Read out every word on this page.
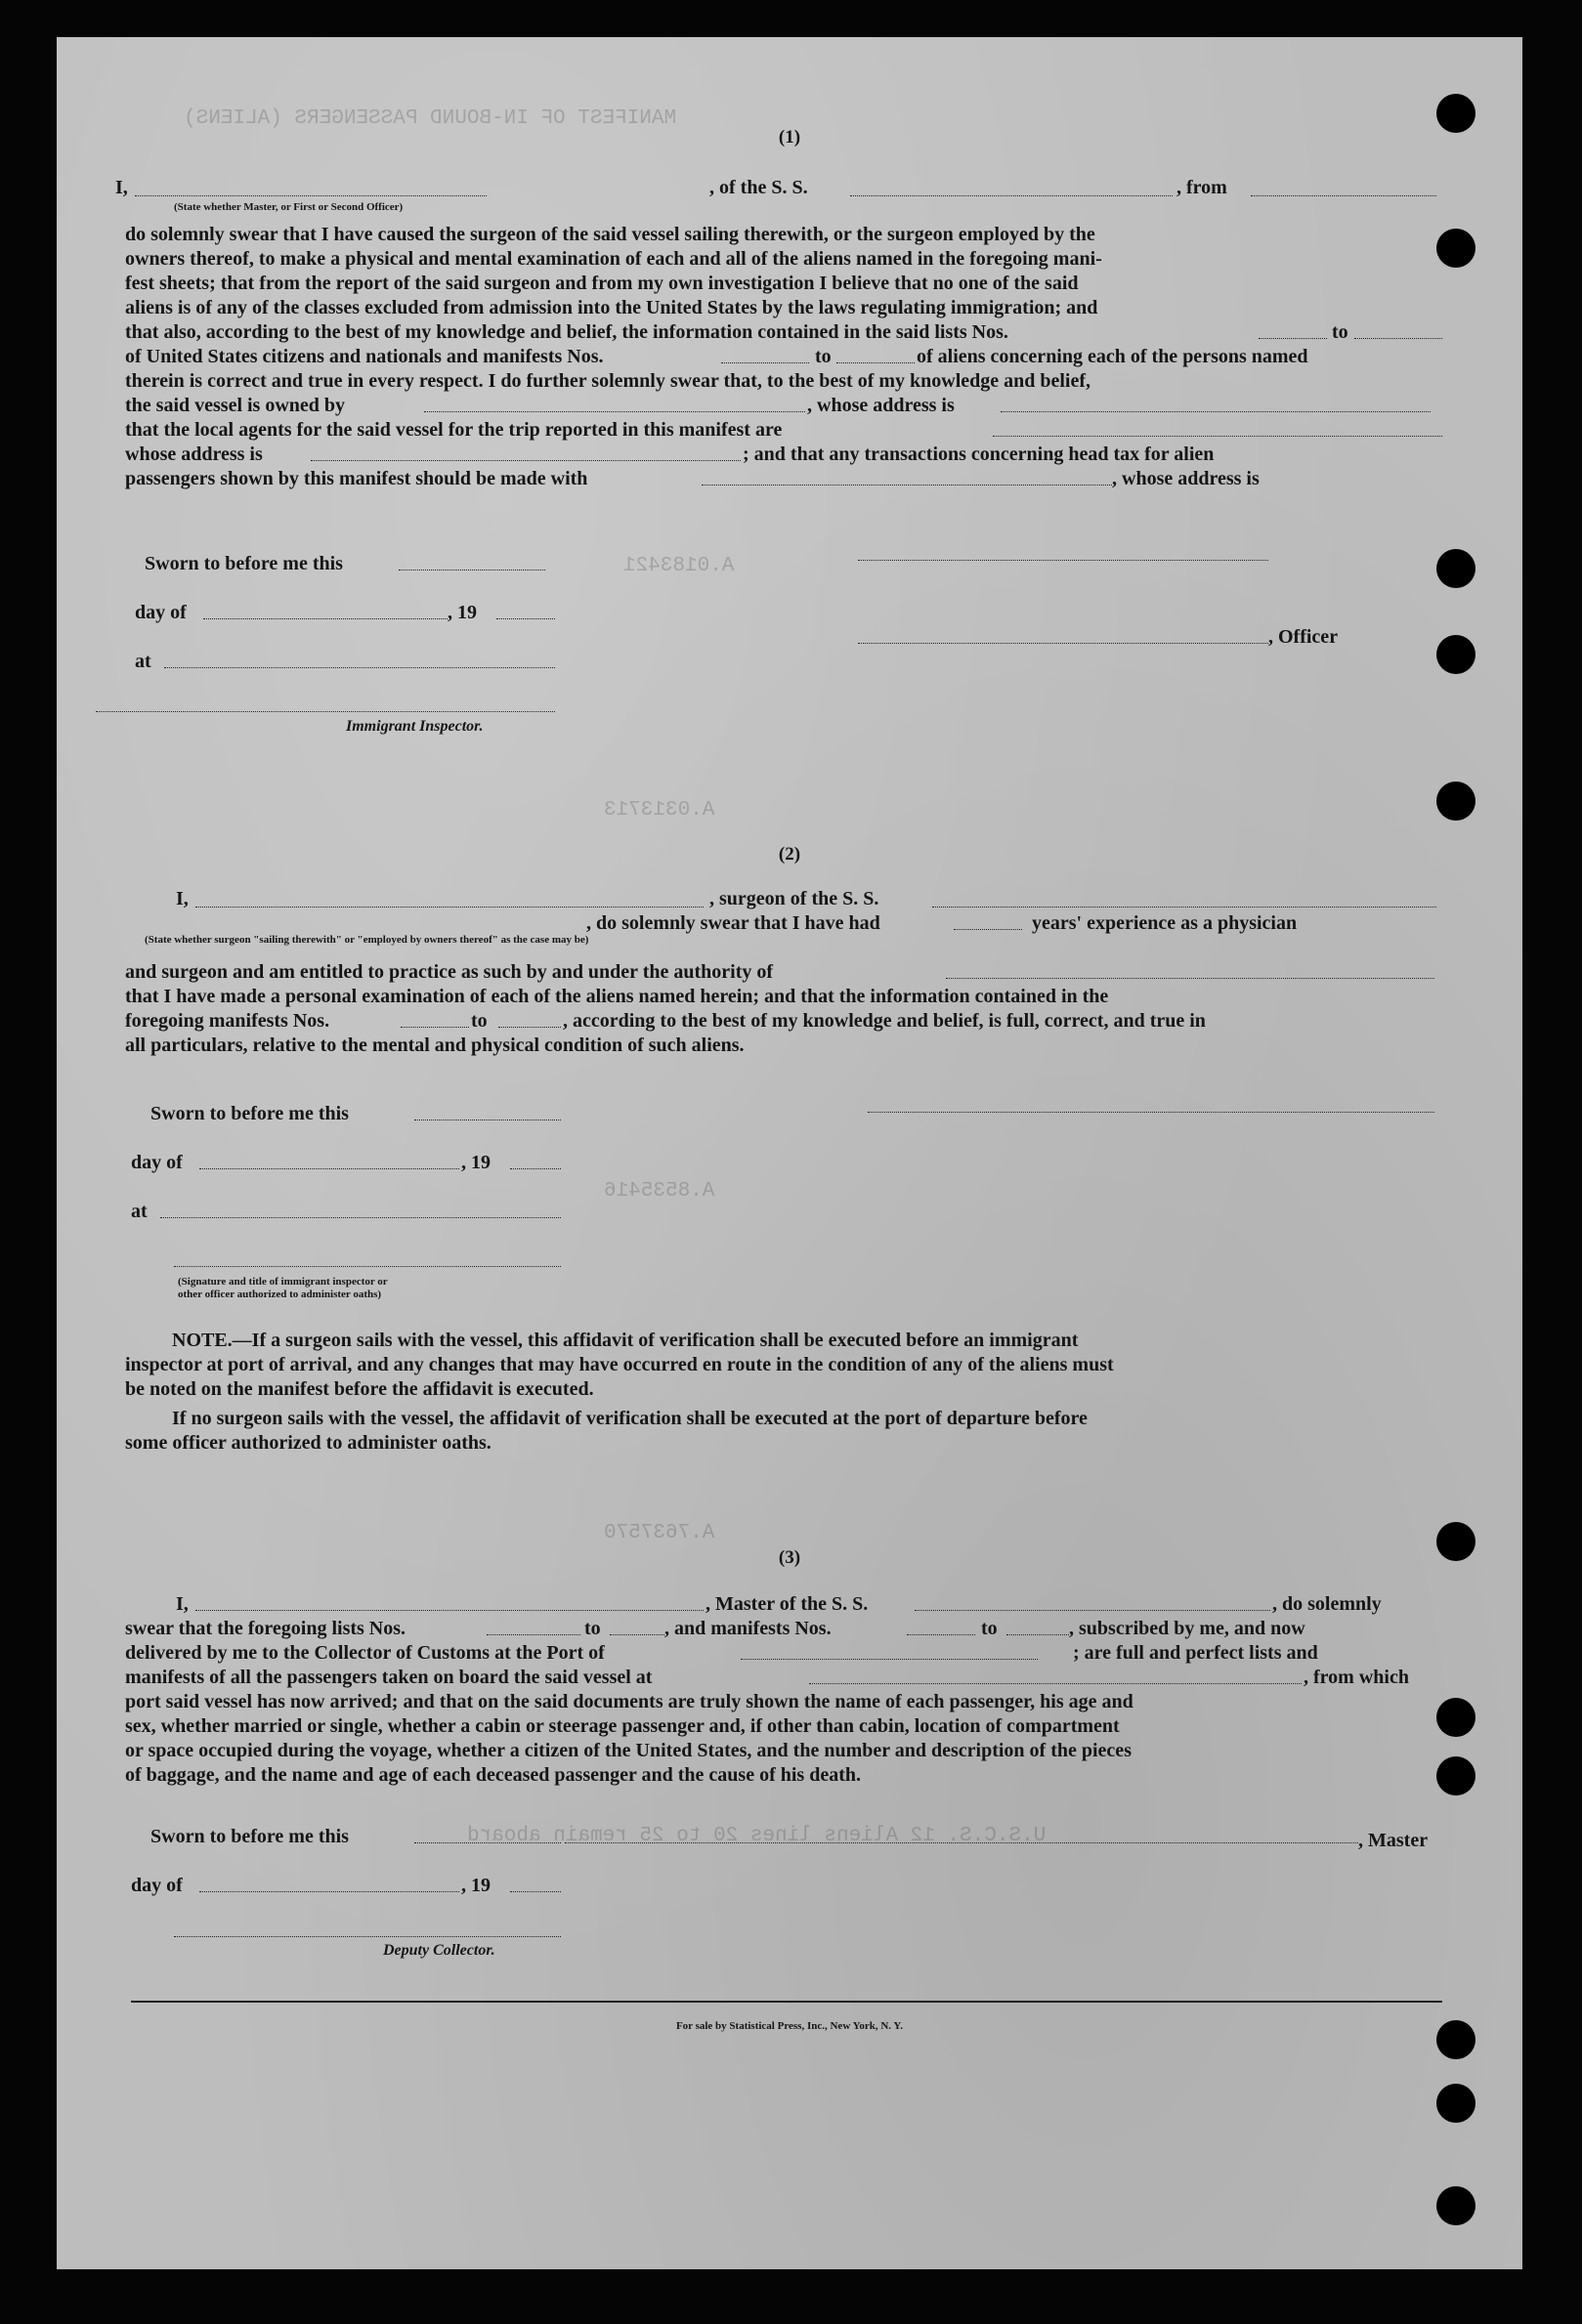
MANIFEST OF IN-BOUND PASSENGERS (ALIENS)
A.0183421
A.0313713
A.8535416
A.7637570
U.S.C.S. 12 Aliens lines 20 to 25 remain aboard
(1)
I,
(State whether Master, or First or Second Officer)
, of the S. S.	, from
do solemnly swear that I have caused the surgeon of the said vessel sailing therewith, or the surgeon employed by the
owners thereof, to make a physical and mental examination of each and all of the aliens named in the foregoing mani-
fest sheets; that from the report of the said surgeon and from my own investigation I believe that no one of the said
aliens is of any of the classes excluded from admission into the United States by the laws regulating immigration; and
that also, according to the best of my knowledge and belief, the information contained in the said lists Nos.	to
of United States citizens and nationals and manifests Nos.	to	of aliens concerning each of the persons named
therein is correct and true in every respect. I do further solemnly swear that, to the best of my knowledge and belief,
the said vessel is owned by	, whose address is
that the local agents for the said vessel for the trip reported in this manifest are
whose address is	; and that any transactions concerning head tax for alien
passengers shown by this manifest should be made with	, whose address is
Sworn to before me this
day of	, 19
at
, Officer
Immigrant Inspector.
(2)
I,	, surgeon of the S. S.
(State whether surgeon "sailing therewith" or "employed by owners thereof" as the case may be)
, do solemnly swear that I have had	years' experience as a physician
and surgeon and am entitled to practice as such by and under the authority of
that I have made a personal examination of each of the aliens named herein; and that the information contained in the
foregoing manifests Nos.	to	, according to the best of my knowledge and belief, is full, correct, and true in
all particulars, relative to the mental and physical condition of such aliens.
Sworn to before me this
day of	, 19
at
(Signature and title of immigrant inspector or
other officer authorized to administer oaths)
NOTE.—If a surgeon sails with the vessel, this affidavit of verification shall be executed before an immigrant
inspector at port of arrival, and any changes that may have occurred en route in the condition of any of the aliens must
be noted on the manifest before the affidavit is executed.
If no surgeon sails with the vessel, the affidavit of verification shall be executed at the port of departure before
some officer authorized to administer oaths.
(3)
I,	, Master of the S. S.	, do solemnly
swear that the foregoing lists Nos.	to	, and manifests Nos.	to	, subscribed by me, and now
delivered by me to the Collector of Customs at the Port of	; are full and perfect lists and
manifests of all the passengers taken on board the said vessel at	, from which
port said vessel has now arrived; and that on the said documents are truly shown the name of each passenger, his age and
sex, whether married or single, whether a cabin or steerage passenger and, if other than cabin, location of compartment
or space occupied during the voyage, whether a citizen of the United States, and the number and description of the pieces
of baggage, and the name and age of each deceased passenger and the cause of his death.
Sworn to before me this	, Master
day of	, 19
Deputy Collector.
For sale by Statistical Press, Inc., New York, N. Y.
